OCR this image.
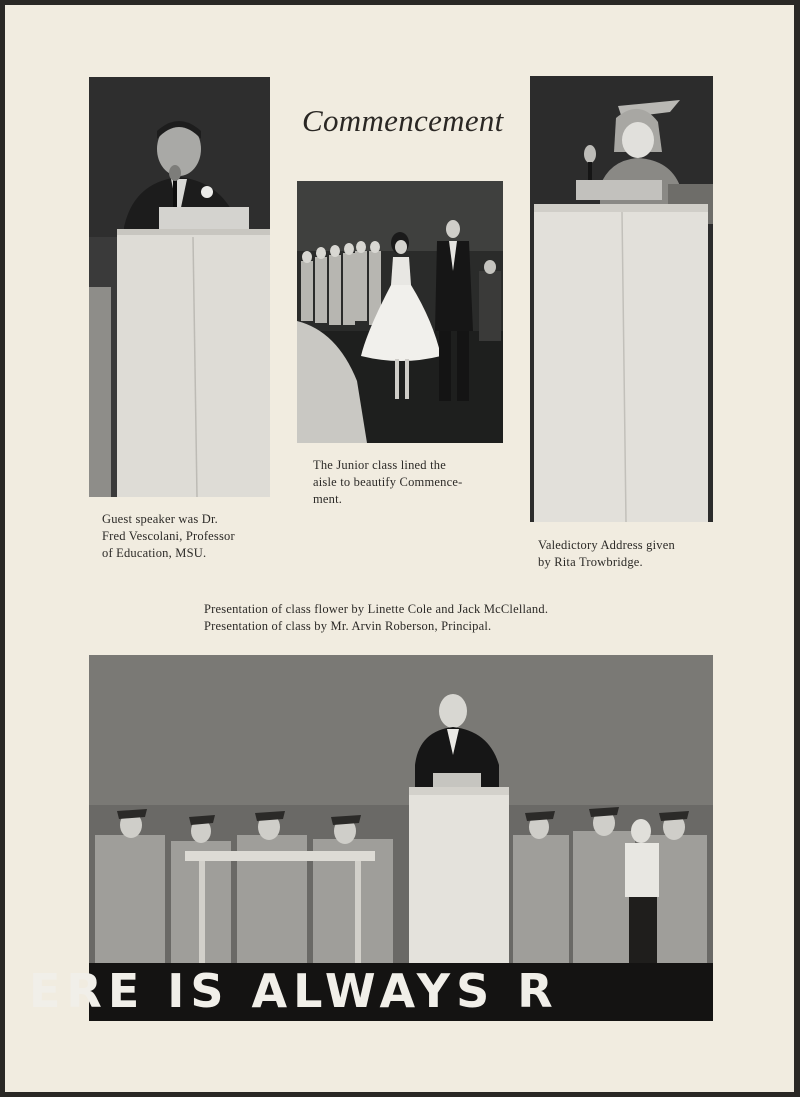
Commencement
ERE IS ALWAYS R

Guest speaker was Dr.
Fred Vescolani, Professor
of Education, MSU.

The Junior class lined the
aisle to beautify Commence-
ment.

Valedictory Address given
by Rita Trowbridge.

Presentation of class flower by Linette Cole and Jack McClelland.
Presentation of class by Mr. Arvin Roberson, Principal.
